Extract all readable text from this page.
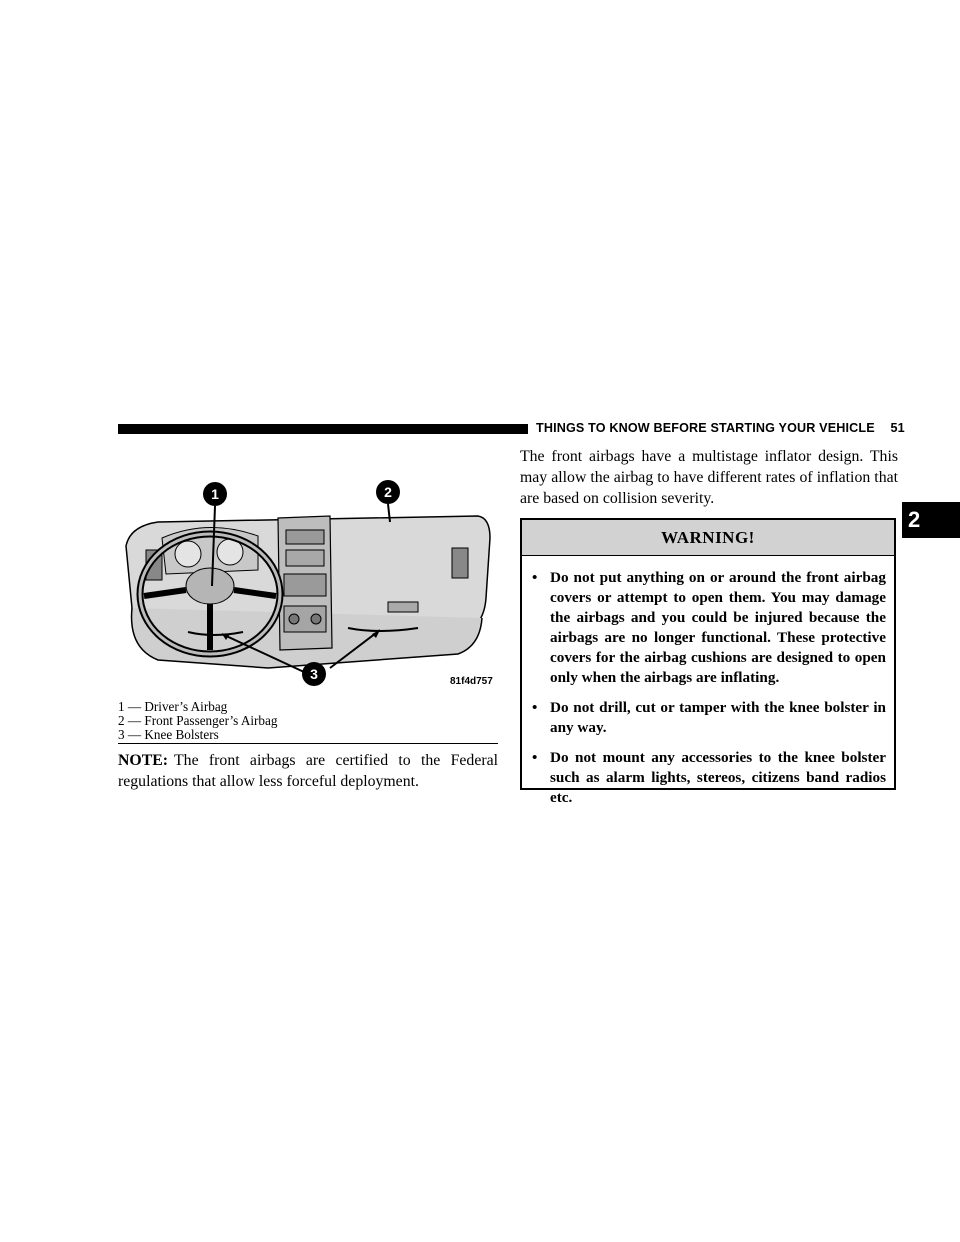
THINGS TO KNOW BEFORE STARTING YOUR VEHICLE 51
2
1	2
3	81f4d757
1 — Driver’s Airbag
2 — Front Passenger’s Airbag
3 — Knee Bolsters
NOTE: The front airbags are certified to the Federal regulations that allow less forceful deployment.
The front airbags have a multistage inflator design. This may allow the airbag to have different rates of inflation that are based on collision severity.
WARNING!
• Do not put anything on or around the front airbag covers or attempt to open them. You may damage the airbags and you could be injured because the airbags are no longer functional. These protective covers for the airbag cushions are designed to open only when the airbags are inflating.
• Do not drill, cut or tamper with the knee bolster in any way.
• Do not mount any accessories to the knee bolster such as alarm lights, stereos, citizens band radios etc.
